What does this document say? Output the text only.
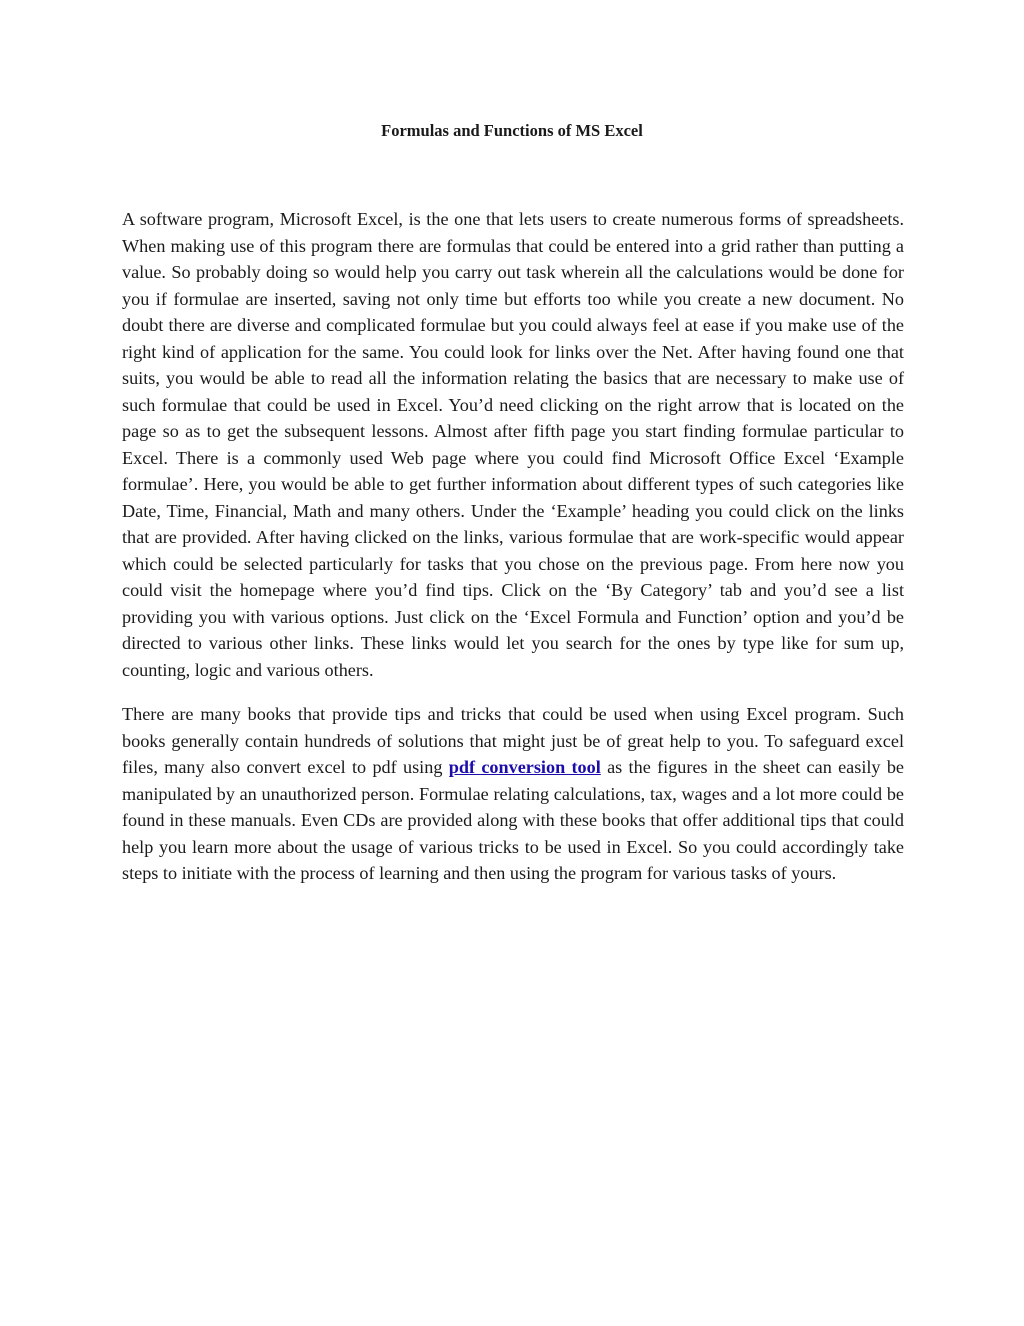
Formulas and Functions of MS Excel

A software program, Microsoft Excel, is the one that lets users to create numerous forms of spreadsheets. When making use of this program there are formulas that could be entered into a grid rather than putting a value. So probably doing so would help you carry out task wherein all the calculations would be done for you if formulae are inserted, saving not only time but efforts too while you create a new document. No doubt there are diverse and complicated formulae but you could always feel at ease if you make use of the right kind of application for the same. You could look for links over the Net. After having found one that suits, you would be able to read all the information relating the basics that are necessary to make use of such formulae that could be used in Excel. You’d need clicking on the right arrow that is located on the page so as to get the subsequent lessons. Almost after fifth page you start finding formulae particular to Excel. There is a commonly used Web page where you could find Microsoft Office Excel ‘Example formulae’. Here, you would be able to get further information about different types of such categories like Date, Time, Financial, Math and many others. Under the ‘Example’ heading you could click on the links that are provided. After having clicked on the links, various formulae that are work-specific would appear which could be selected particularly for tasks that you chose on the previous page. From here now you could visit the homepage where you’d find tips. Click on the ‘By Category’ tab and you’d see a list providing you with various options. Just click on the ‘Excel Formula and Function’ option and you’d be directed to various other links. These links would let you search for the ones by type like for sum up, counting, logic and various others.

There are many books that provide tips and tricks that could be used when using Excel program. Such books generally contain hundreds of solutions that might just be of great help to you. To safeguard excel files, many also convert excel to pdf using pdf conversion tool as the figures in the sheet can easily be manipulated by an unauthorized person. Formulae relating calculations, tax, wages and a lot more could be found in these manuals. Even CDs are provided along with these books that offer additional tips that could help you learn more about the usage of various tricks to be used in Excel. So you could accordingly take steps to initiate with the process of learning and then using the program for various tasks of yours.
